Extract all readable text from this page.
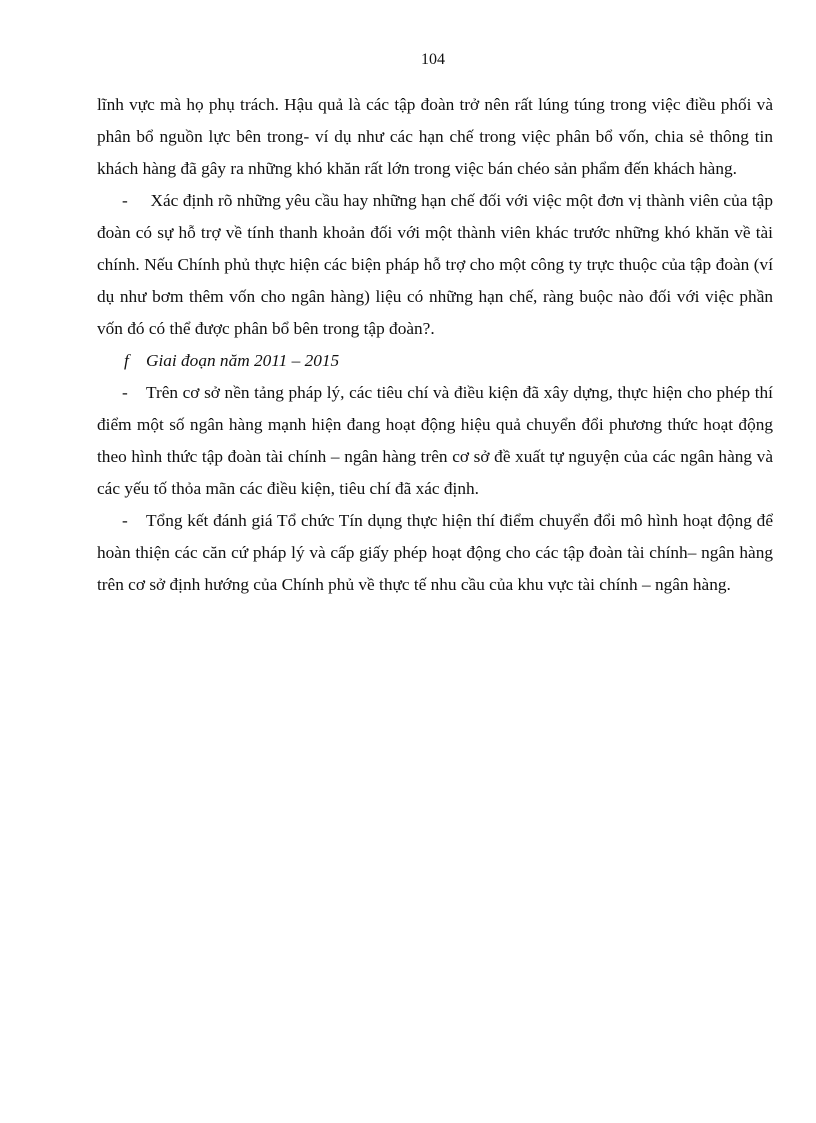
104

lĩnh vực mà họ phụ trách. Hậu quả là các tập đoàn trở nên rất lúng túng trong việc điều phối và phân bổ nguồn lực bên trong- ví dụ như các hạn chế trong việc phân bổ vốn, chia sẻ thông tin khách hàng đã gây ra những khó khăn rất lớn trong việc bán chéo sản phẩm đến khách hàng.

- Xác định rõ những yêu cầu hay những hạn chế đối với việc một đơn vị thành viên của tập đoàn có sự hỗ trợ về tính thanh khoản đối với một thành viên khác trước những khó khăn về tài chính. Nếu Chính phủ thực hiện các biện pháp hỗ trợ cho một công ty trực thuộc của tập đoàn (ví dụ như bơm thêm vốn cho ngân hàng) liệu có những hạn chế, ràng buộc nào đối với việc phần vốn đó có thể được phân bổ bên trong tập đoàn?.

f Giai đoạn năm 2011 – 2015

- Trên cơ sở nền tảng pháp lý, các tiêu chí và điều kiện đã xây dựng, thực hiện cho phép thí điểm một số ngân hàng mạnh hiện đang hoạt động hiệu quả chuyển đổi phương thức hoạt động theo hình thức tập đoàn tài chính – ngân hàng trên cơ sở đề xuất tự nguyện của các ngân hàng và các yếu tố thỏa mãn các điều kiện, tiêu chí đã xác định.

- Tổng kết đánh giá Tổ chức Tín dụng thực hiện thí điểm chuyển đổi mô hình hoạt động để hoàn thiện các căn cứ pháp lý và cấp giấy phép hoạt động cho các tập đoàn tài chính– ngân hàng trên cơ sở định hướng của Chính phủ về thực tế nhu cầu của khu vực tài chính – ngân hàng.
